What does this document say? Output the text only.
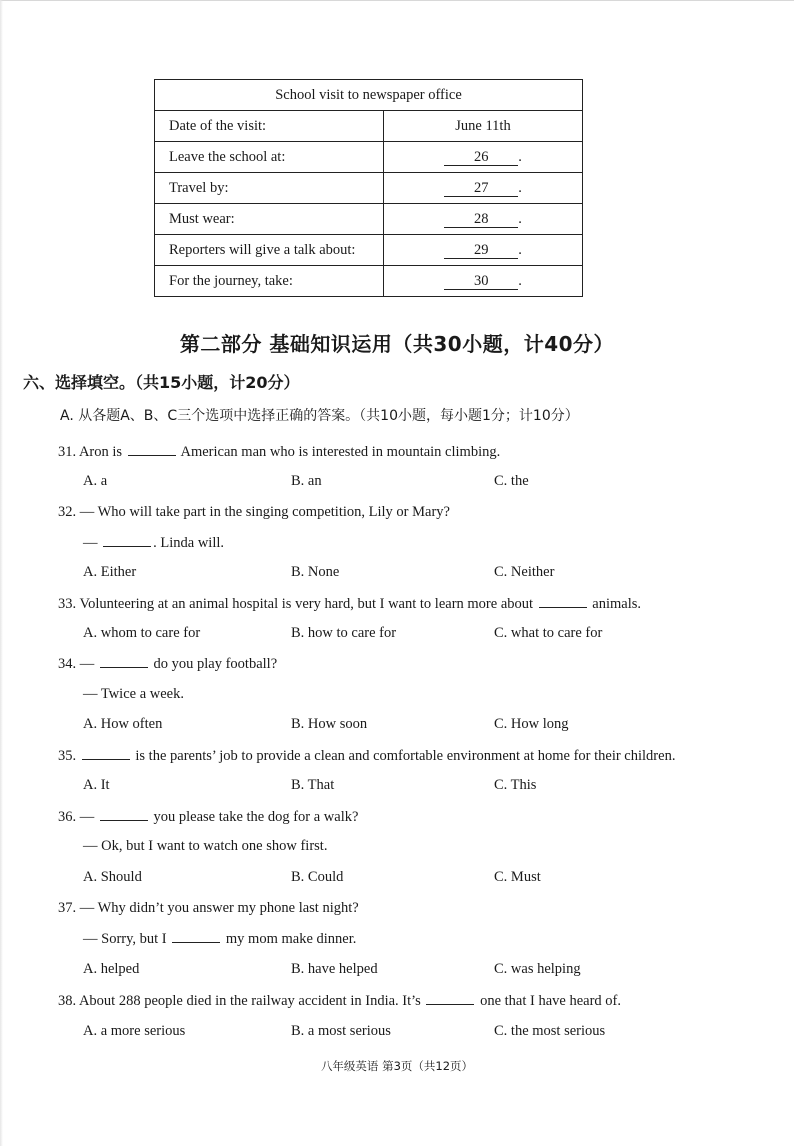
School visit to newspaper office	
Date of the visit:	June 11th
Leave the school at:	26 .
Travel by:	27 .
Must wear:	28 .
Reporters will give a talk about:	29 .
For the journey, take:	30 .
第二部分 基础知识运用（共30小题，计40分）
六、选择填空。（共15小题，计20分）
A. 从各题A、B、C三个选项中选择正确的答案。（共10小题，每小题1分；计10分）
31. Aron is	American man who is interested in mountain climbing.
A. a	B. an	C. the
32. — Who will take part in the singing competition, Lily or Mary?
—	. Linda will.
A. Either	B. None	C. Neither
33. Volunteering at an animal hospital is very hard, but I want to learn more about	animals.
A. whom to care for	B. how to care for	C. what to care for
34. —	do you play football?
— Twice a week.
A. How often	B. How soon	C. How long
35.	is the parents’ job to provide a clean and comfortable environment at home for their children.
A. It	B. That	C. This
36. —	you please take the dog for a walk?
— Ok, but I want to watch one show first.
A. Should	B. Could	C. Must
37. — Why didn’t you answer my phone last night?
— Sorry, but I	my mom make dinner.
A. helped	B. have helped	C. was helping
38. About 288 people died in the railway accident in India. It’s	one that I have heard of.
A. a more serious	B. a most serious	C. the most serious
八年级英语 第3页（共12页）
